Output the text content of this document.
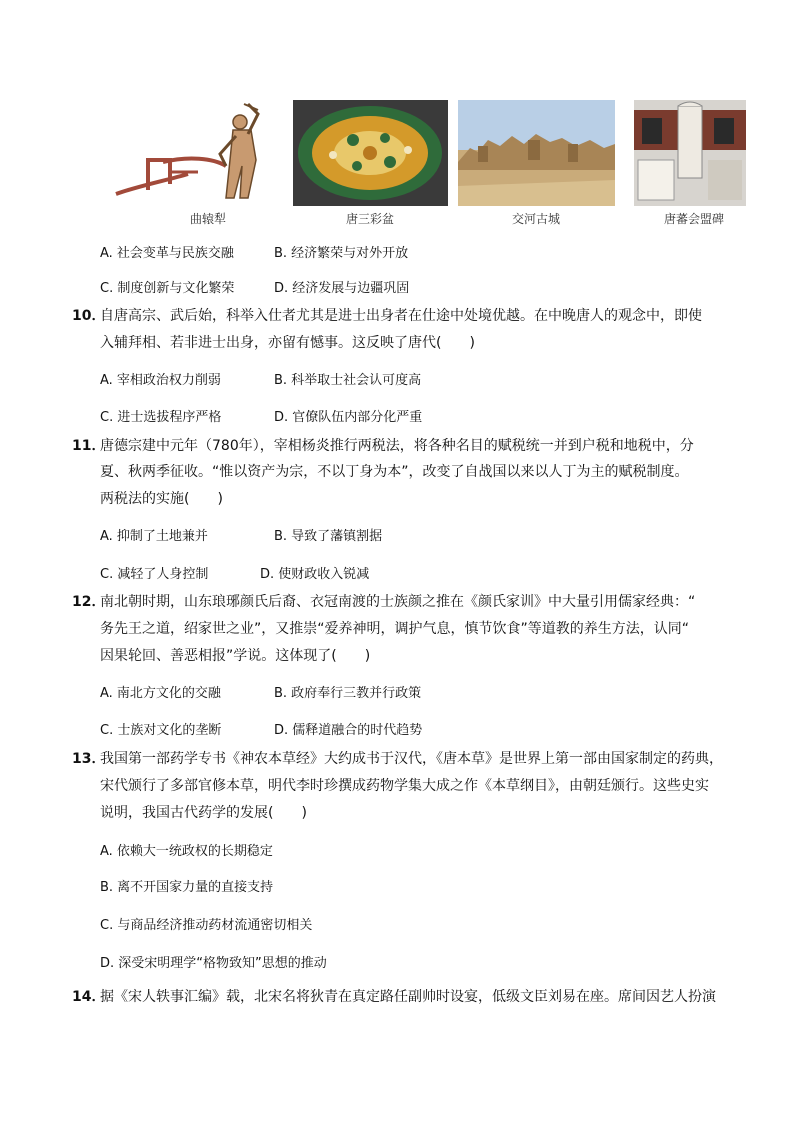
曲辕犁	唐三彩盆	交河古城	唐蕃会盟碑
A. 社会变革与民族交融	B. 经济繁荣与对外开放
C. 制度创新与文化繁荣	D. 经济发展与边疆巩固
10．
自唐高宗、武后始，科举入仕者尤其是进士出身者在仕途中处境优越。在中晚唐人的观念中，即使
入辅拜相、若非进士出身，亦留有憾事。这反映了唐代(　　)
A. 宰相政治权力削弱	B. 科举取士社会认可度高
C. 进士选拔程序严格	D. 官僚队伍内部分化严重
11．
唐德宗建中元年（780年），宰相杨炎推行两税法，将各种名目的赋税统一并到户税和地税中，分
夏、秋两季征收。“惟以资产为宗，不以丁身为本”，改变了自战国以来以人丁为主的赋税制度。
两税法的实施(　　)
A. 抑制了土地兼并	B. 导致了藩镇割据
C. 减轻了人身控制	D. 使财政收入锐减
12．
南北朝时期，山东琅琊颜氏后裔、衣冠南渡的士族颜之推在《颜氏家训》中大量引用儒家经典：“
务先王之道，绍家世之业”，又推崇“爱养神明，调护气息，慎节饮食”等道教的养生方法，认同“
因果轮回、善恶相报”学说。这体现了(　　)
A. 南北方文化的交融	B. 政府奉行三教并行政策
C. 士族对文化的垄断	D. 儒释道融合的时代趋势
13．
我国第一部药学专书《神农本草经》大约成书于汉代，《唐本草》是世界上第一部由国家制定的药典，
宋代颁行了多部官修本草，明代李时珍撰成药物学集大成之作《本草纲目》，由朝廷颁行。这些史实
说明，我国古代药学的发展(　　)
A. 依赖大一统政权的长期稳定
B. 离不开国家力量的直接支持
C. 与商品经济推动药材流通密切相关
D. 深受宋明理学“格物致知”思想的推动
14．
据《宋人轶事汇编》载，北宋名将狄青在真定路任副帅时设宴，低级文臣刘易在座。席间因艺人扮演
